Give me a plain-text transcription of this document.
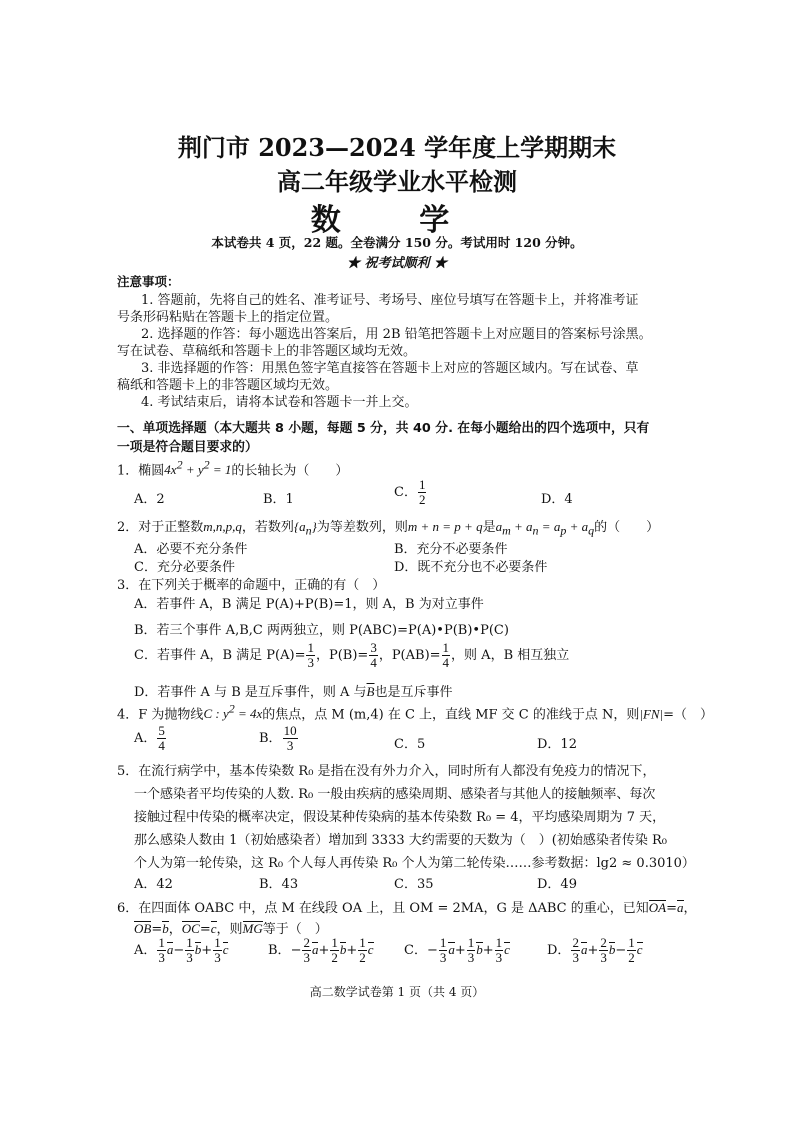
荆门市 2023—2024 学年度上学期期末
高二年级学业水平检测
数 学
本试卷共 4 页，22 题。全卷满分 150 分。考试用时 120 分钟。
★ 祝考试顺利 ★
注意事项：
1. 答题前，先将自己的姓名、准考证号、考场号、座位号填写在答题卡上，并将准考证
号条形码粘贴在答题卡上的指定位置。
2. 选择题的作答：每小题选出答案后，用 2B 铅笔把答题卡上对应题目的答案标号涂黑。
写在试卷、草稿纸和答题卡上的非答题区域均无效。
3. 非选择题的作答：用黑色签字笔直接答在答题卡上对应的答题区域内。写在试卷、草
稿纸和答题卡上的非答题区域均无效。
4. 考试结束后，请将本试卷和答题卡一并上交。
一、单项选择题（本大题共 8 小题，每题 5 分，共 40 分. 在每小题给出的四个选项中，只有
一项是符合题目要求的）
1．椭圆$4x^2 + y^2 = 1$的长轴长为（　　）
A．2	B．1	C． $\frac{1}{2}$	D．4
2．对于正整数m,n,p,q，若数列$\{a_n\}$为等差数列，则m + n = p + q是$a_m + a_n = a_p + a_q$的（　　）
A．必要不充分条件	B．充分不必要条件
C．充分必要条件	D．既不充分也不必要条件
3．在下列关于概率的命题中，正确的有（　）
A．若事件 A，B 满足 P(A)+P(B)=1，则 A，B 为对立事件
B．若三个事件 A,B,C 两两独立，则 P(ABC)=P(A)•P(B)•P(C)
C．若事件 A，B 满足 $P(A)= \frac{1}{3}$ ，$P(B)= \frac{3}{4}$ ，$P(AB)= \frac{1}{4}$ ，则 A，B 相互独立
D．若事件 A 与 B 是互斥事件，则 A 与$\overline{B}$也是互斥事件
4．F 为抛物线C : $y^2 = 4x$的焦点，点 M (m,4) 在 C 上，直线 MF 交 C 的准线于点 N，则|FN|=（　）
A． $\frac{5}{4}$	B． $\frac{10}{3}$	C．5	D．12
5．在流行病学中，基本传染数 R₀ 是指在没有外力介入，同时所有人都没有免疫力的情况下，
一个感染者平均传染的人数. R₀ 一般由疾病的感染周期、感染者与其他人的接触频率、每次
接触过程中传染的概率决定，假设某种传染病的基本传染数 R₀ = 4，平均感染周期为 7 天，
那么感染人数由 1（初始感染者）增加到 3333 大约需要的天数为（　）(初始感染者传染 R₀
个人为第一轮传染，这 R₀ 个人每人再传染 R₀ 个人为第二轮传染……参考数据：lg2 ≈ 0.3010）
A．42	B．43	C．35	D．49
6．在四面体 OABC 中，点 M 在线段 OA 上，且 OM = 2MA，G 是 ΔABC 的重心，已知OA=a，
OB=b，OC=c，则MG等于（　）
A． $\frac{1}{3} a- \frac{1}{3} b+ \frac{1}{3}$ c	B．− $\frac{2}{3} a+ \frac{1}{2} b+ \frac{1}{2}$ c C．− $\frac{1}{3} a+ \frac{1}{3} b+ \frac{1}{3}$ c	D． $\frac{2}{3} a+ \frac{2}{3} b- \frac{1}{2}$ c
高二数学试卷第 1 页（共 4 页）
